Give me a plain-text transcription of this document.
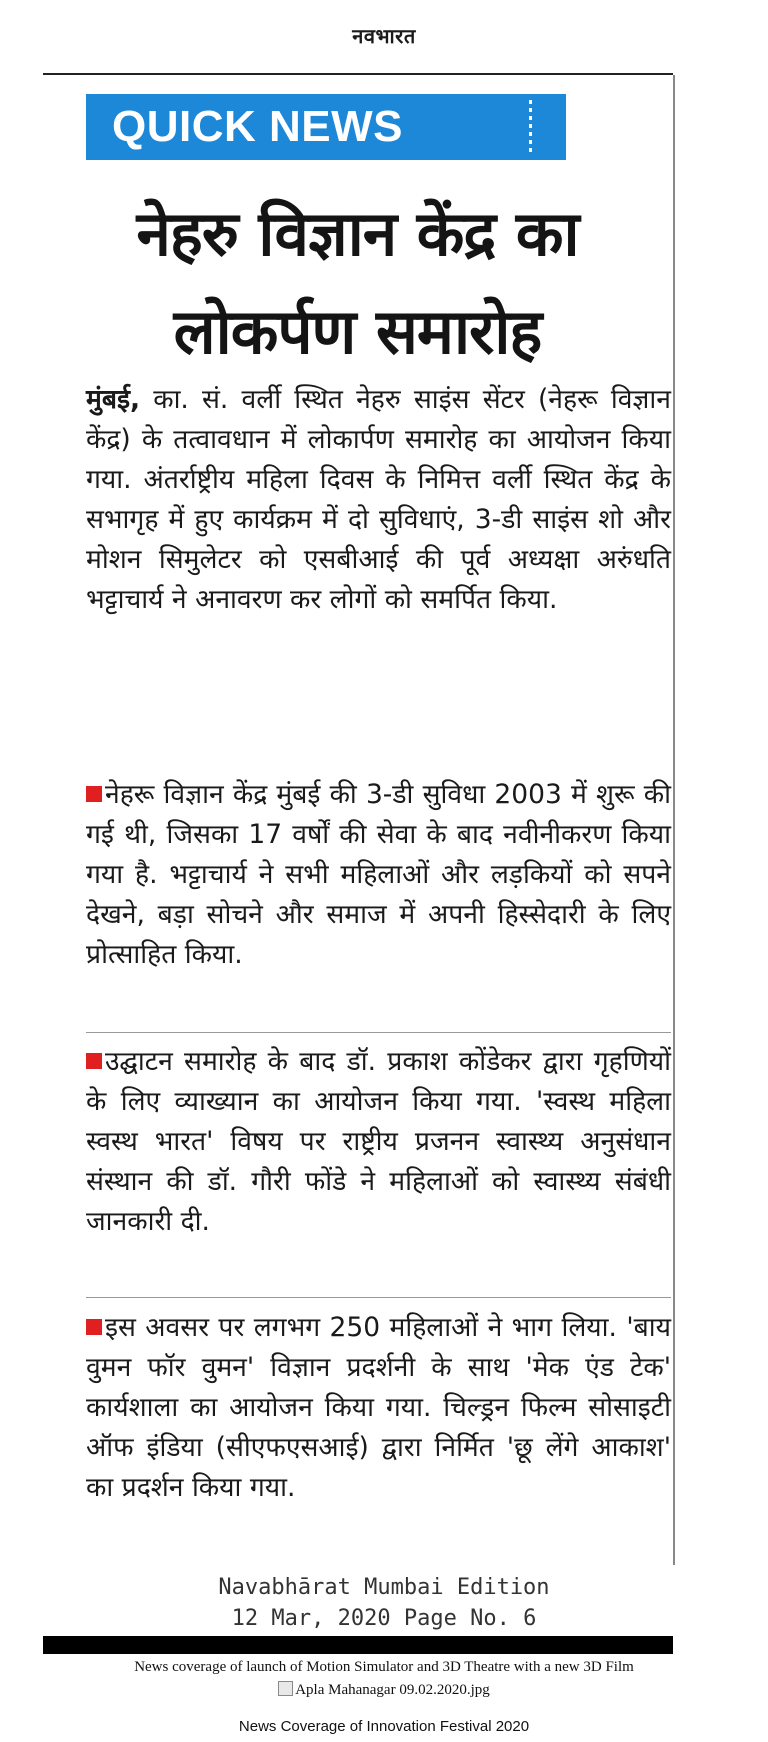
नवभारत
QUICK NEWS
नेहरु विज्ञान केंद्र का
लोकर्पण समारोह
मुंबई, का. सं. वर्ली स्थित नेहरु साइंस सेंटर (नेहरू विज्ञान केंद्र) के तत्वावधान में लोकार्पण समारोह का आयोजन किया गया. अंतर्राष्ट्रीय महिला दिवस के निमित्त वर्ली स्थित केंद्र के सभागृह में हुए कार्यक्रम में दो सुविधाएं, 3-डी साइंस शो और मोशन सिमुलेटर को एसबीआई की पूर्व अध्यक्षा अरुंधति भट्टाचार्य ने अनावरण कर लोगों को समर्पित किया.
नेहरू विज्ञान केंद्र मुंबई की 3-डी सुविधा 2003 में शुरू की गई थी, जिसका 17 वर्षों की सेवा के बाद नवीनीकरण किया गया है. भट्टाचार्य ने सभी महिलाओं और लड़कियों को सपने देखने, बड़ा सोचने और समाज में अपनी हिस्सेदारी के लिए प्रोत्साहित किया.
उद्घाटन समारोह के बाद डॉ. प्रकाश कोंडेकर द्वारा गृहणियों के लिए व्याख्यान का आयोजन किया गया. 'स्वस्थ महिला स्वस्थ भारत' विषय पर राष्ट्रीय प्रजनन स्वास्थ्य अनुसंधान संस्थान की डॉ. गौरी फोंडे ने महिलाओं को स्वास्थ्य संबंधी जानकारी दी.
इस अवसर पर लगभग 250 महिलाओं ने भाग लिया. 'बाय वुमन फॉर वुमन' विज्ञान प्रदर्शनी के साथ 'मेक एंड टेक' कार्यशाला का आयोजन किया गया. चिल्ड्रन फिल्म सोसाइटी ऑफ इंडिया (सीएफएसआई) द्वारा निर्मित 'छू लेंगे आकाश' का प्रदर्शन किया गया.
Navabhārat Mumbai Edition
12 Mar, 2020 Page No. 6
News coverage of launch of Motion Simulator and 3D Theatre with a new 3D Film
Apla Mahanagar 09.02.2020.jpg
News Coverage of Innovation Festival 2020
